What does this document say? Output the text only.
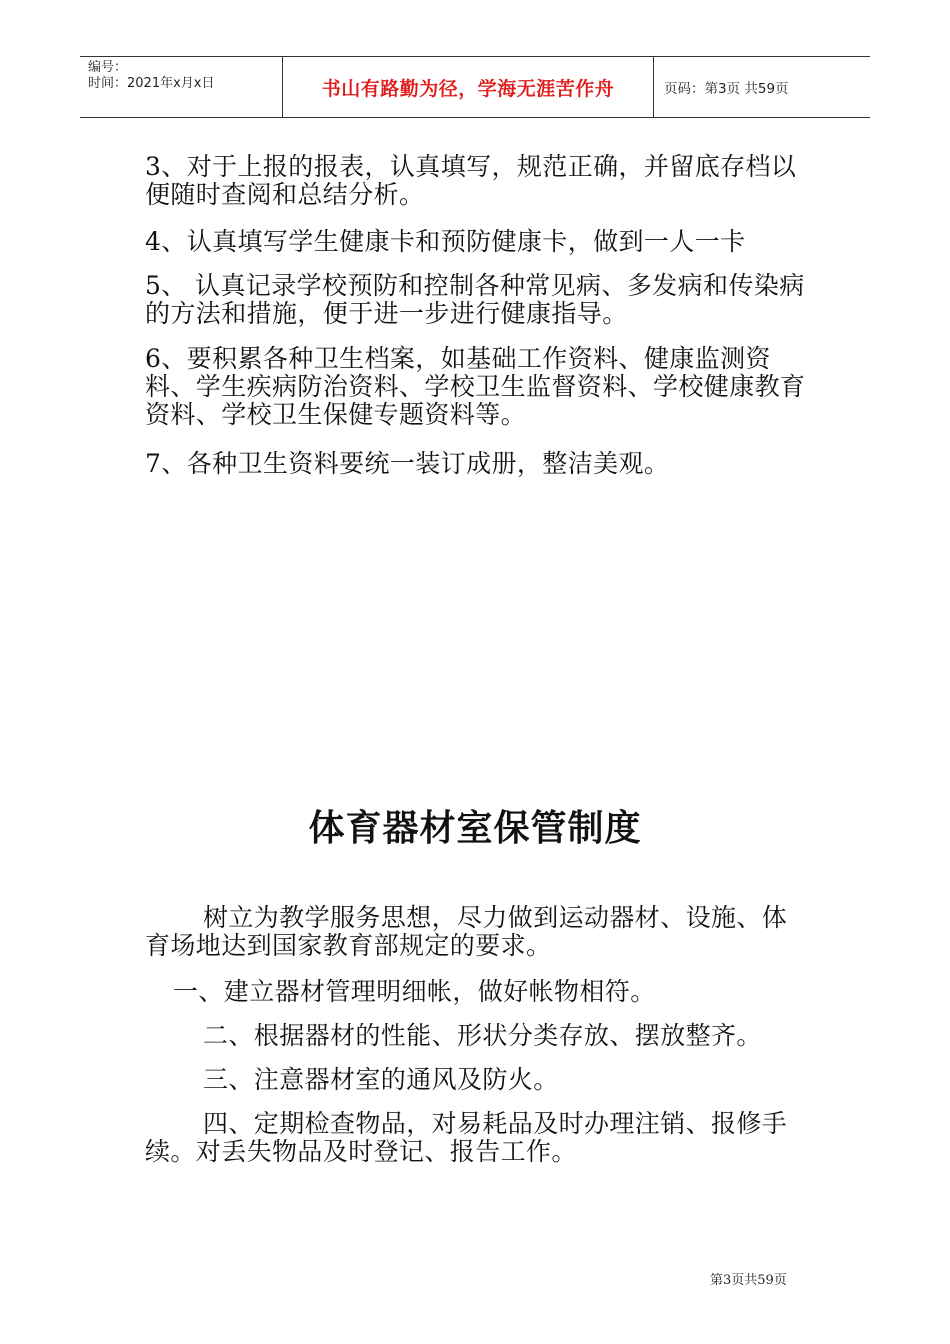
编号：
时间：2021年x月x日	书山有路勤为径，学海无涯苦作舟	页码：第3页 共59页
3、对于上报的报表，认真填写，规范正确，并留底存档以便随时查阅和总结分析。
4、认真填写学生健康卡和预防健康卡，做到一人一卡
5、 认真记录学校预防和控制各种常见病、多发病和传染病的方法和措施，便于进一步进行健康指导。
6、要积累各种卫生档案，如基础工作资料、健康监测资料、学生疾病防治资料、学校卫生监督资料、学校健康教育资料、学校卫生保健专题资料等。
7、各种卫生资料要统一装订成册，整洁美观。
体育器材室保管制度
树立为教学服务思想，尽力做到运动器材、设施、体育场地达到国家教育部规定的要求。
一、建立器材管理明细帐，做好帐物相符。
二、根据器材的性能、形状分类存放、摆放整齐。
三、注意器材室的通风及防火。
四、定期检查物品，对易耗品及时办理注销、报修手续。对丢失物品及时登记、报告工作。
第3页共59页
